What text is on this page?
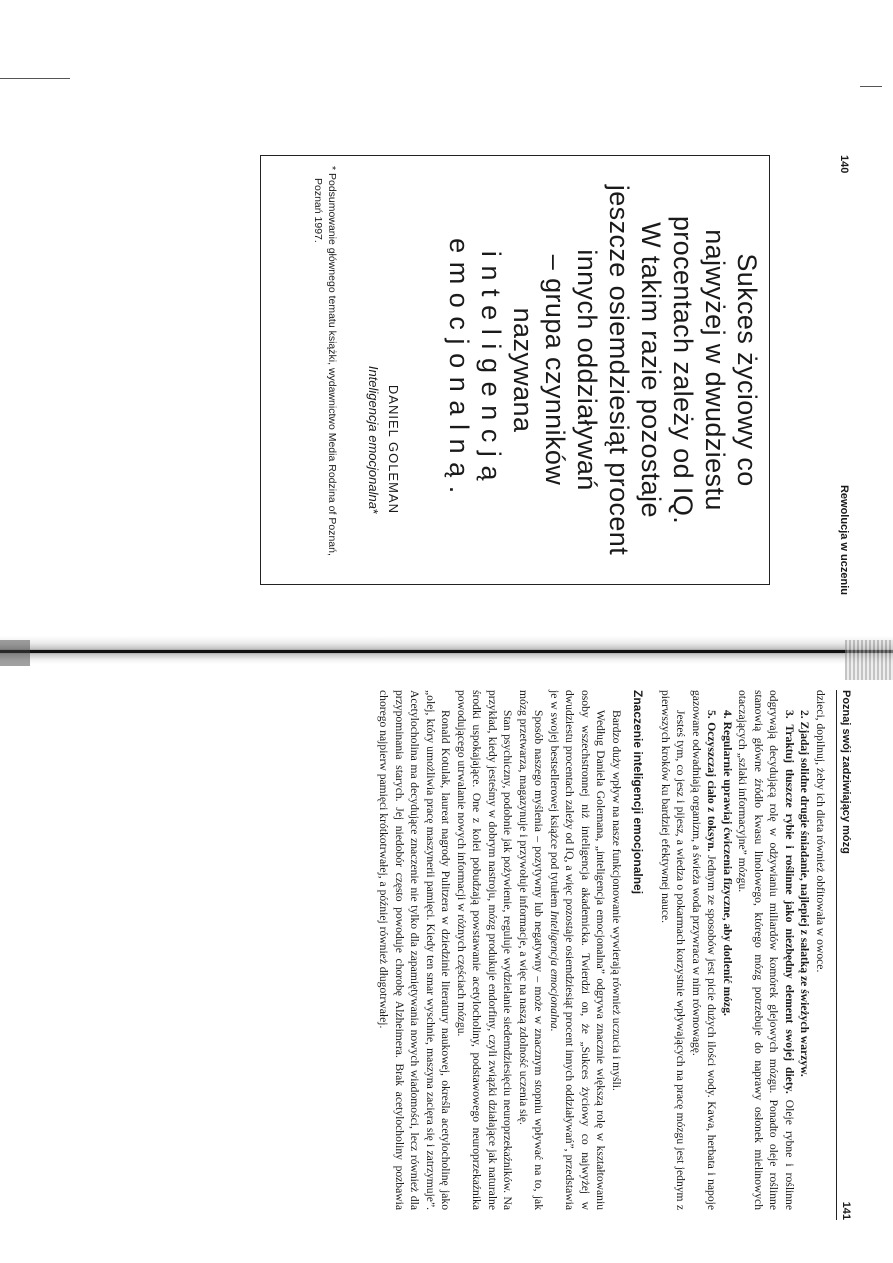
140
Rewolucja w uczeniu

Sukces życiowy co
najwyżej w dwudziestu
procentach zależy od IQ.
W takim razie pozostaje
jeszcze osiemdziesiąt procent
innych oddziaływań
– grupa czynników
nazywana

inteligencją
emocjonalną.

DANIEL GOLEMAN
Inteligencja emocjonalna*

* Podsumowanie głównego tematu książki, wydawnictwo Media Rodzina of Poznań, Poznań 1997.

Poznaj swój zadziwiający mózg
141

dzieci, dopilnuj, żeby ich dieta również obfitowała w owoce.

2. Zjadaj solidne drugie śniadanie, najlepiej z sałatką ze świeżych warzyw.

3. Traktuj tłuszcze rybie i roślinne jako niezbędny element swojej diety. Oleje rybne i roślinne odgrywają decydującą rolę w odżywianiu miliardów komórek glejowych mózgu. Ponadto oleje roślinne stanowią główne źródło kwasu linolowego, którego mózg potrzebuje do naprawy osłonek mielinowych otaczających „szlaki informacyjne” mózgu.

4. Regularnie uprawiaj ćwiczenia fizyczne, aby dotlenić mózg.

5. Oczyszczaj ciało z toksyn. Jednym ze sposobów jest picie dużych ilości wody. Kawa, herbata i napoje gazowane odwadniają organizm, a świeża woda przywraca w nim równowagę.

Jesteś tym, co jesz i pijesz, a wiedza o pokarmach korzystnie wpływających na pracę mózgu jest jednym z pierwszych kroków ku bardziej efektywnej nauce.

Znaczenie inteligencji emocjonalnej

Bardzo duży wpływ na nasze funkcjonowanie wywierają również uczucia i myśli.

Według Daniela Golemana, „inteligencja emocjonalna” odgrywa znacznie większą rolę w kształtowaniu osoby wszechstronnej niż inteligencja akademicka. Twierdzi on, że „Sukces życiowy co najwyżej w dwudziestu procentach zależy od IQ, a więc pozostaje osiemdziesiąt procent innych oddziaływań”, przedstawia je w swojej bestsellerowej książce pod tytułem Inteligencja emocjonalna.

Sposób naszego myślenia – pozytywny lub negatywny – może w znacznym stopniu wpływać na to, jak mózg przetwarza, magazynuje i przywołuje informacje, a więc na naszą zdolność uczenia się.

Stan psychiczny, podobnie jak pożywienie, reguluje wydzielanie siedemdziesięciu neuroprzekaźników. Na przykład, kiedy jesteśmy w dobrym nastroju, mózg produkuje endorfiny, czyli związki działające jak naturalne środki uspokajające. One z kolei pobudzają powstawanie acetylocholiny, podstawowego neuroprzekaźnika powodującego utrwalanie nowych informacji w różnych częściach mózgu.

Ronald Kotulak, laureat nagrody Pulitzera w dziedzinie literatury naukowej, określa acetylocholinę jako „olej, który umożliwia pracę maszynerii pamięci. Kiedy ten smar wyschnie, maszyna zacięra się i zatrzymuje”. Acetylocholina ma decydujące znaczenie nie tylko dla zapamiętywania nowych wiadomości, lecz również dla przypominania starych. Jej niedobór często powoduje chorobę Alzheimera. Brak acetylocholiny pozbawia chorego najpierw pamięci krótkotrwałej, a później również długotrwałej.
